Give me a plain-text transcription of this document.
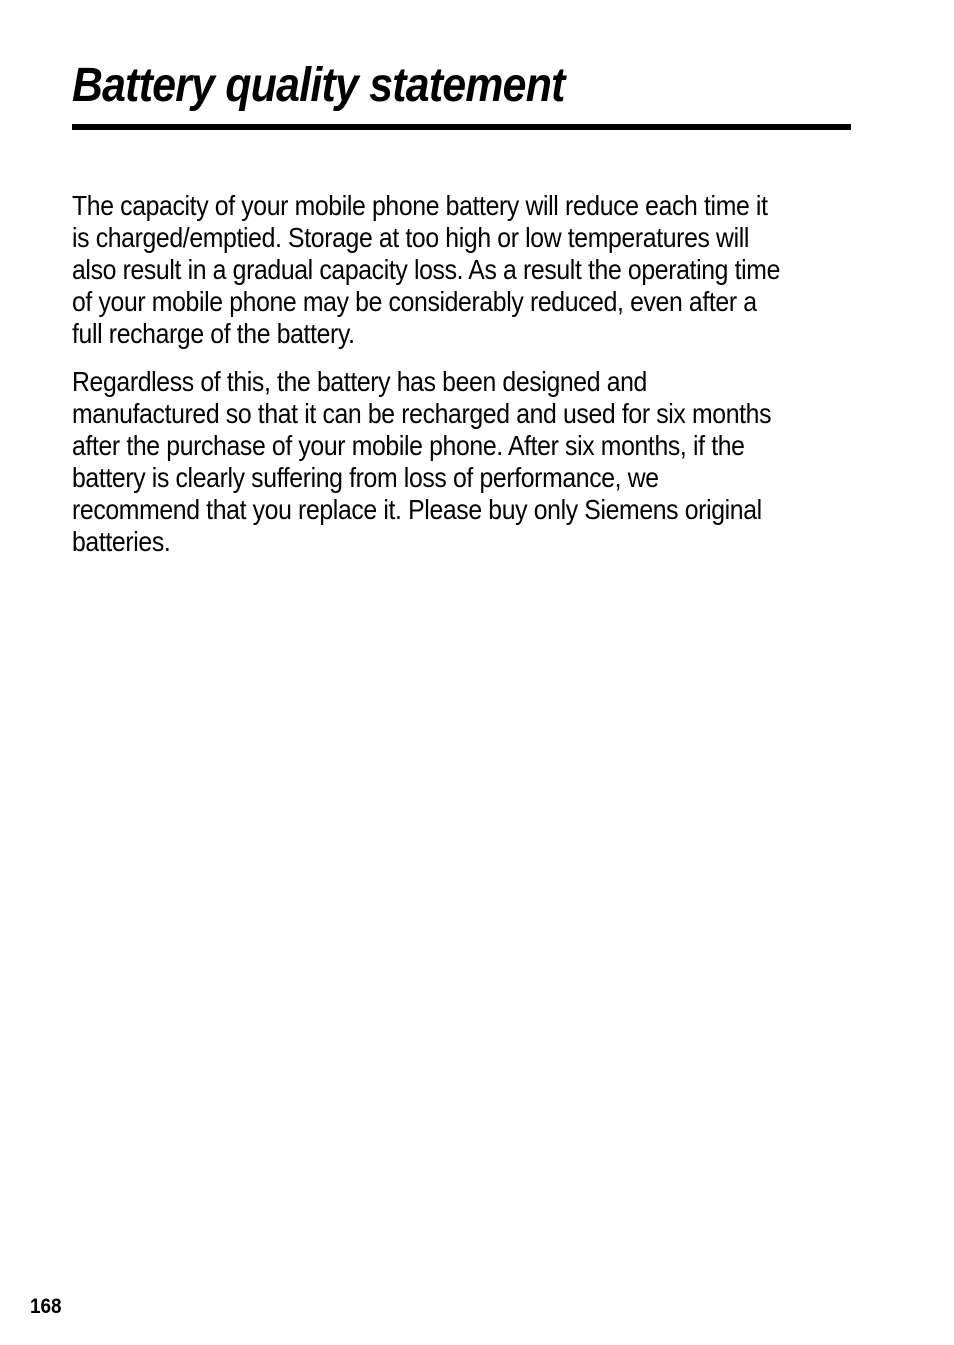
Battery quality statement

The capacity of your mobile phone battery will reduce each time it
is charged/emptied. Storage at too high or low temperatures will
also result in a gradual capacity loss. As a result the operating time
of your mobile phone may be considerably reduced, even after a
full recharge of the battery.

Regardless of this, the battery has been designed and
manufactured so that it can be recharged and used for six months
after the purchase of your mobile phone. After six months, if the
battery is clearly suffering from loss of performance, we
recommend that you replace it. Please buy only Siemens original
batteries.

168
